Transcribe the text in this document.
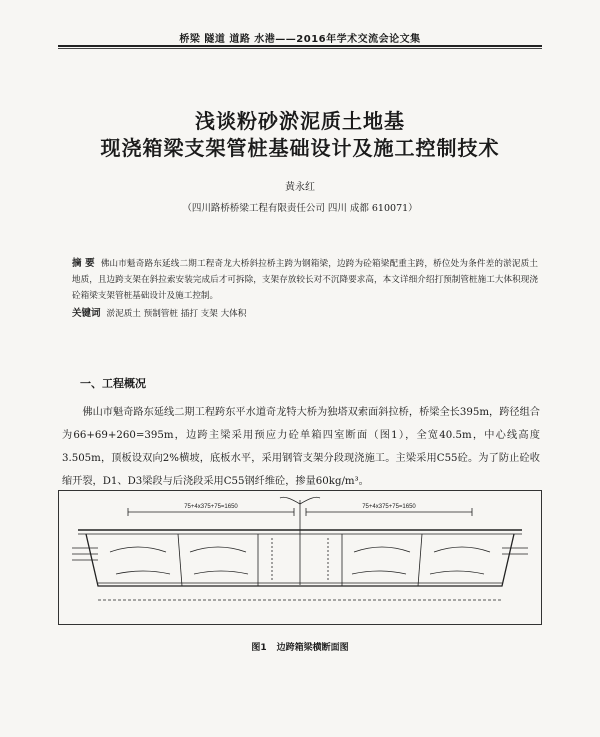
桥梁 隧道 道路 水港——2016年学术交流会论文集
浅谈粉砂淤泥质土地基
现浇箱梁支架管桩基础设计及施工控制技术
黄永红
（四川路桥桥梁工程有限责任公司 四川 成都 610071）
摘 要 佛山市魁奇路东延线二期工程奇龙大桥斜拉桥主跨为钢箱梁，边跨为砼箱梁配重主跨，桥位处为条件差的淤泥质土地质，且边跨支架在斜拉索安装完成后才可拆除，支架存放较长对不沉降要求高，本文详细介绍打预制管桩施工大体积现浇砼箱梁支架管桩基础设计及施工控制。
关键词 淤泥质土 预制管桩 插打 支架 大体积
一、工程概况
佛山市魁奇路东延线二期工程跨东平水道奇龙特大桥为独塔双索面斜拉桥，桥梁全长395m，跨径组合为66+69+260=395m，边跨主梁采用预应力砼单箱四室断面（图1），全宽40.5m，中心线高度3.505m，顶板设双向2%横坡，底板水平，采用钢管支架分段现浇施工。主梁采用C55砼。为了防止砼收缩开裂，D1、D3梁段与后浇段采用C55钢纤维砼，掺量60kg/m³。
75+4x375+75=1650	75+4x375+75=1650
图1 边跨箱梁横断面图
